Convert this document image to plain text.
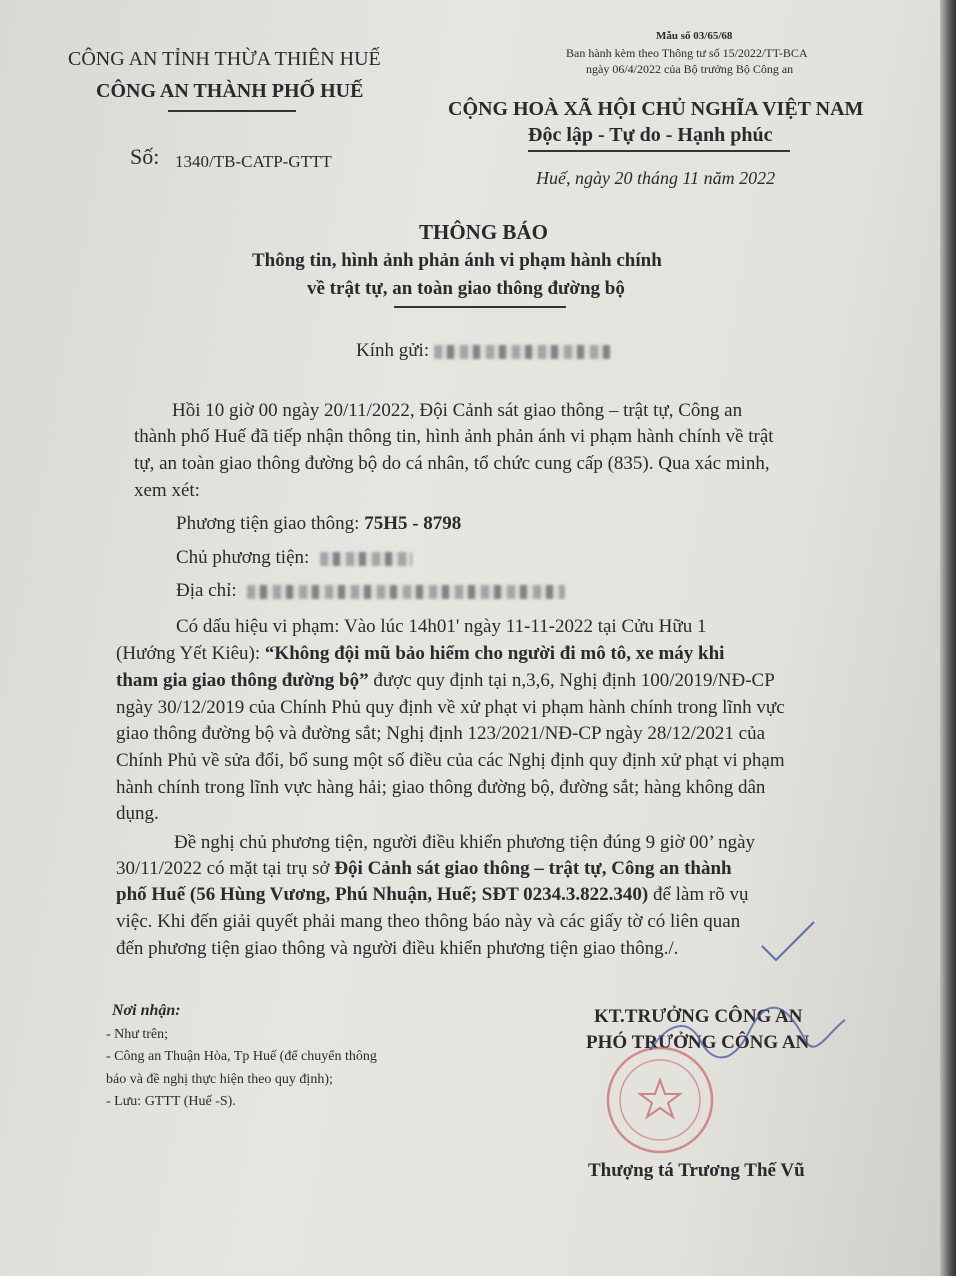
CÔNG AN TỈNH THỪA THIÊN HUẾ
CÔNG AN THÀNH PHỐ HUẾ
Số: 1340/TB-CATP-GTTT
Mẫu số 03/65/68
Ban hành kèm theo Thông tư số 15/2022/TT-BCA
ngày 06/4/2022 của Bộ trưởng Bộ Công an
CỘNG HOÀ XÃ HỘI CHỦ NGHĨA VIỆT NAM
Độc lập - Tự do - Hạnh phúc
Huế, ngày 20 tháng 11 năm 2022
THÔNG BÁO
Thông tin, hình ảnh phản ánh vi phạm hành chính
về trật tự, an toàn giao thông đường bộ
Kính gửi:
Hồi 10 giờ 00 ngày 20/11/2022, Đội Cảnh sát giao thông – trật tự, Công an
thành phố Huế đã tiếp nhận thông tin, hình ảnh phản ánh vi phạm hành chính về trật
tự, an toàn giao thông đường bộ do cá nhân, tổ chức cung cấp (835). Qua xác minh,
xem xét:
Phương tiện giao thông: 75H5 - 8798
Chủ phương tiện:
Địa chỉ:
Có dấu hiệu vi phạm: Vào lúc 14h01' ngày 11-11-2022 tại Cửu Hữu 1
(Hướng Yết Kiêu): “Không đội mũ bảo hiểm cho người đi mô tô, xe máy khi
tham gia giao thông đường bộ” được quy định tại n,3,6, Nghị định 100/2019/NĐ-CP
ngày 30/12/2019 của Chính Phủ quy định về xử phạt vi phạm hành chính trong lĩnh vực
giao thông đường bộ và đường sắt; Nghị định 123/2021/NĐ-CP ngày 28/12/2021 của
Chính Phủ về sửa đổi, bổ sung một số điều của các Nghị định quy định xử phạt vi phạm
hành chính trong lĩnh vực hàng hải; giao thông đường bộ, đường sắt; hàng không dân
dụng.
Đề nghị chủ phương tiện, người điều khiển phương tiện đúng 9 giờ 00’ ngày
30/11/2022 có mặt tại trụ sở Đội Cảnh sát giao thông – trật tự, Công an thành
phố Huế (56 Hùng Vương, Phú Nhuận, Huế; SĐT 0234.3.822.340) để làm rõ vụ
việc. Khi đến giải quyết phải mang theo thông báo này và các giấy tờ có liên quan
đến phương tiện giao thông và người điều khiển phương tiện giao thông./.
Nơi nhận:
- Như trên;
- Công an Thuận Hòa, Tp Huế (để chuyển thông
báo và đề nghị thực hiện theo quy định);
- Lưu: GTTT (Huế -S).
KT.TRƯỞNG CÔNG AN
PHÓ TRƯỞNG CÔNG AN
Thượng tá Trương Thế Vũ
